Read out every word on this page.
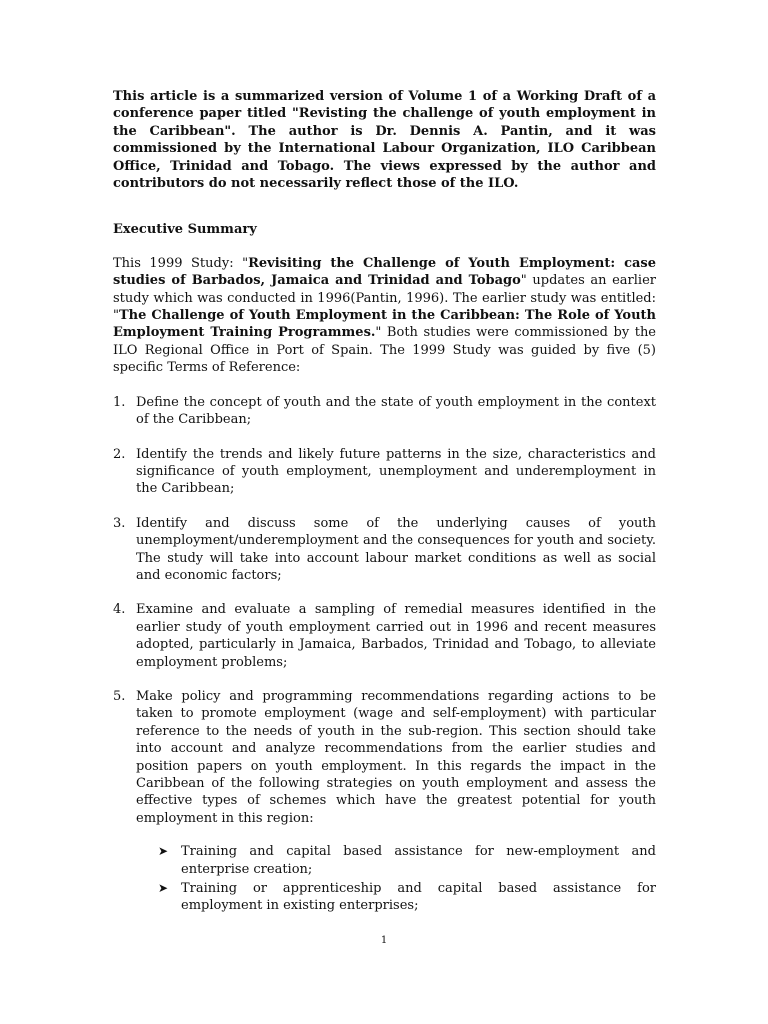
This article is a summarized version of Volume 1 of a Working Draft of a conference paper titled "Revisting the challenge of youth employment in the Caribbean". The author is Dr. Dennis A. Pantin, and it was commissioned by the International Labour Organization, ILO Caribbean Office, Trinidad and Tobago. The views expressed by the author and contributors do not necessarily reflect those of the ILO.

Executive Summary

This 1999 Study: "Revisiting the Challenge of Youth Employment: case studies of Barbados, Jamaica and Trinidad and Tobago" updates an earlier study which was conducted in 1996(Pantin, 1996). The earlier study was entitled: "The Challenge of Youth Employment in the Caribbean: The Role of Youth Employment Training Programmes." Both studies were commissioned by the ILO Regional Office in Port of Spain. The 1999 Study was guided by five (5) specific Terms of Reference:

1. Define the concept of youth and the state of youth employment in the context of the Caribbean;
2. Identify the trends and likely future patterns in the size, characteristics and significance of youth employment, unemployment and underemployment in the Caribbean;
3. Identify and discuss some of the underlying causes of youth unemployment/underemployment and the consequences for youth and society. The study will take into account labour market conditions as well as social and economic factors;
4. Examine and evaluate a sampling of remedial measures identified in the earlier study of youth employment carried out in 1996 and recent measures adopted, particularly in Jamaica, Barbados, Trinidad and Tobago, to alleviate employment problems;
5. Make policy and programming recommendations regarding actions to be taken to promote employment (wage and self-employment) with particular reference to the needs of youth in the sub-region. This section should take into account and analyze recommendations from the earlier studies and position papers on youth employment. In this regards the impact in the Caribbean of the following strategies on youth employment and assess the effective types of schemes which have the greatest potential for youth employment in this region:
➤ Training and capital based assistance for new-employment and enterprise creation;
➤ Training or apprenticeship and capital based assistance for employment in existing enterprises;
1
